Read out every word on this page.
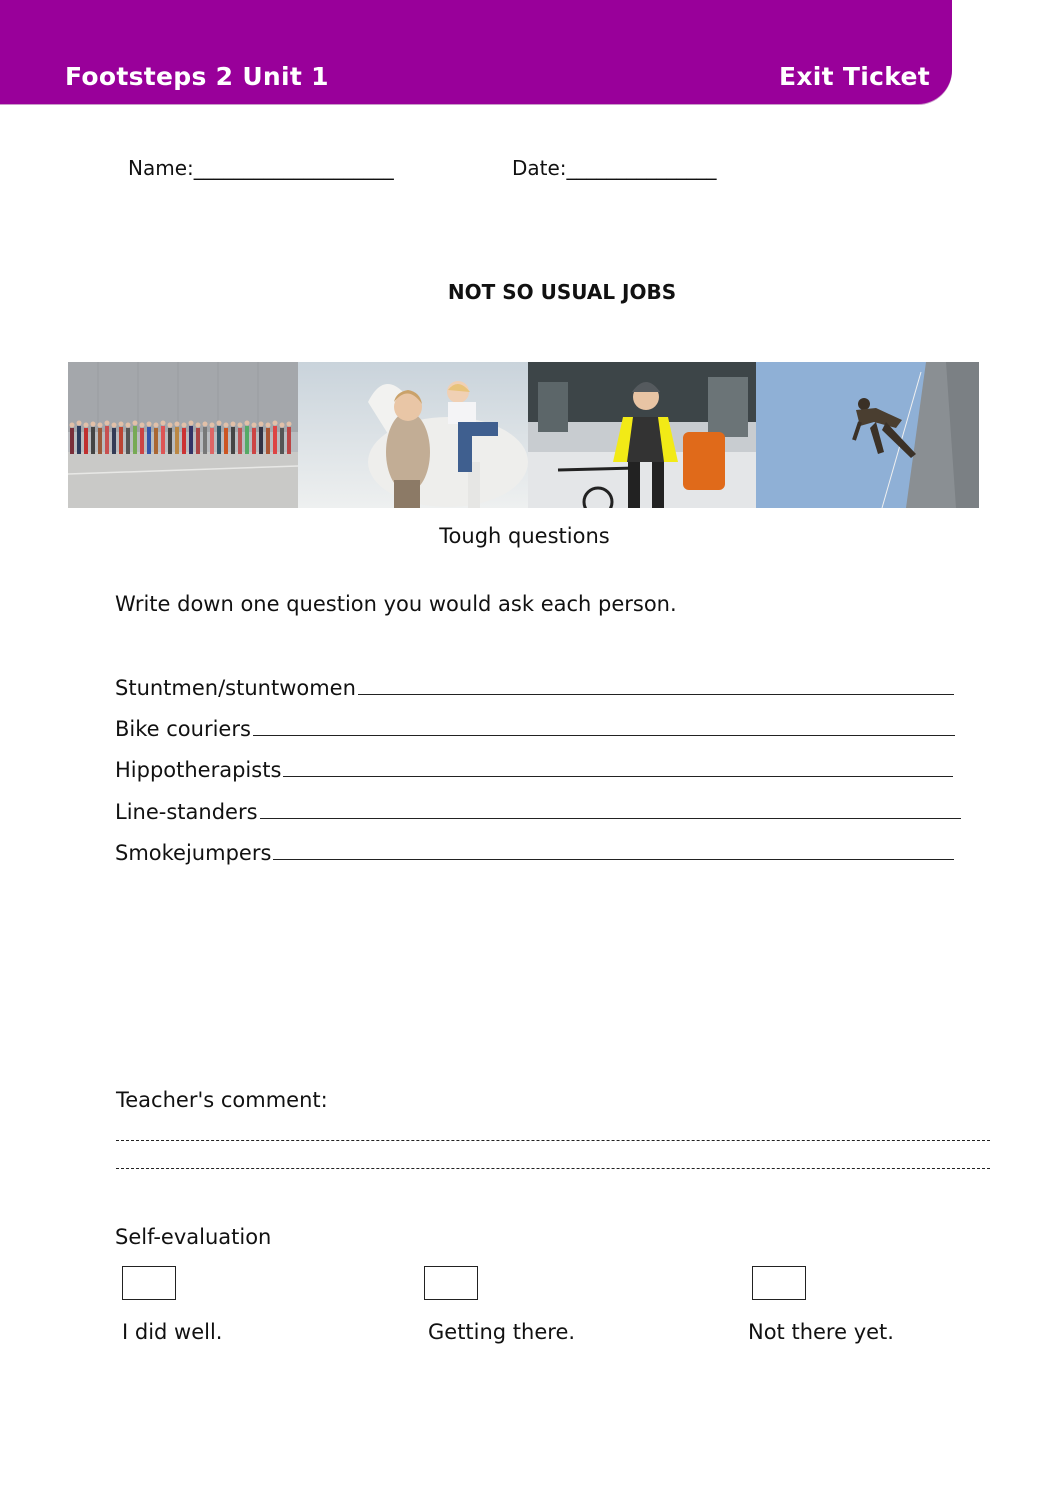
Footsteps 2 Unit 1	Exit Ticket
Name:____________________	Date:_______________
NOT SO USUAL JOBS
Tough questions
Write down one question you would ask each person.
Stuntmen/stuntwomen
Bike couriers
Hippotherapists
Line-standers
Smokejumpers
Teacher's comment:
Self-evaluation
I did well.	Getting there.	Not there yet.
